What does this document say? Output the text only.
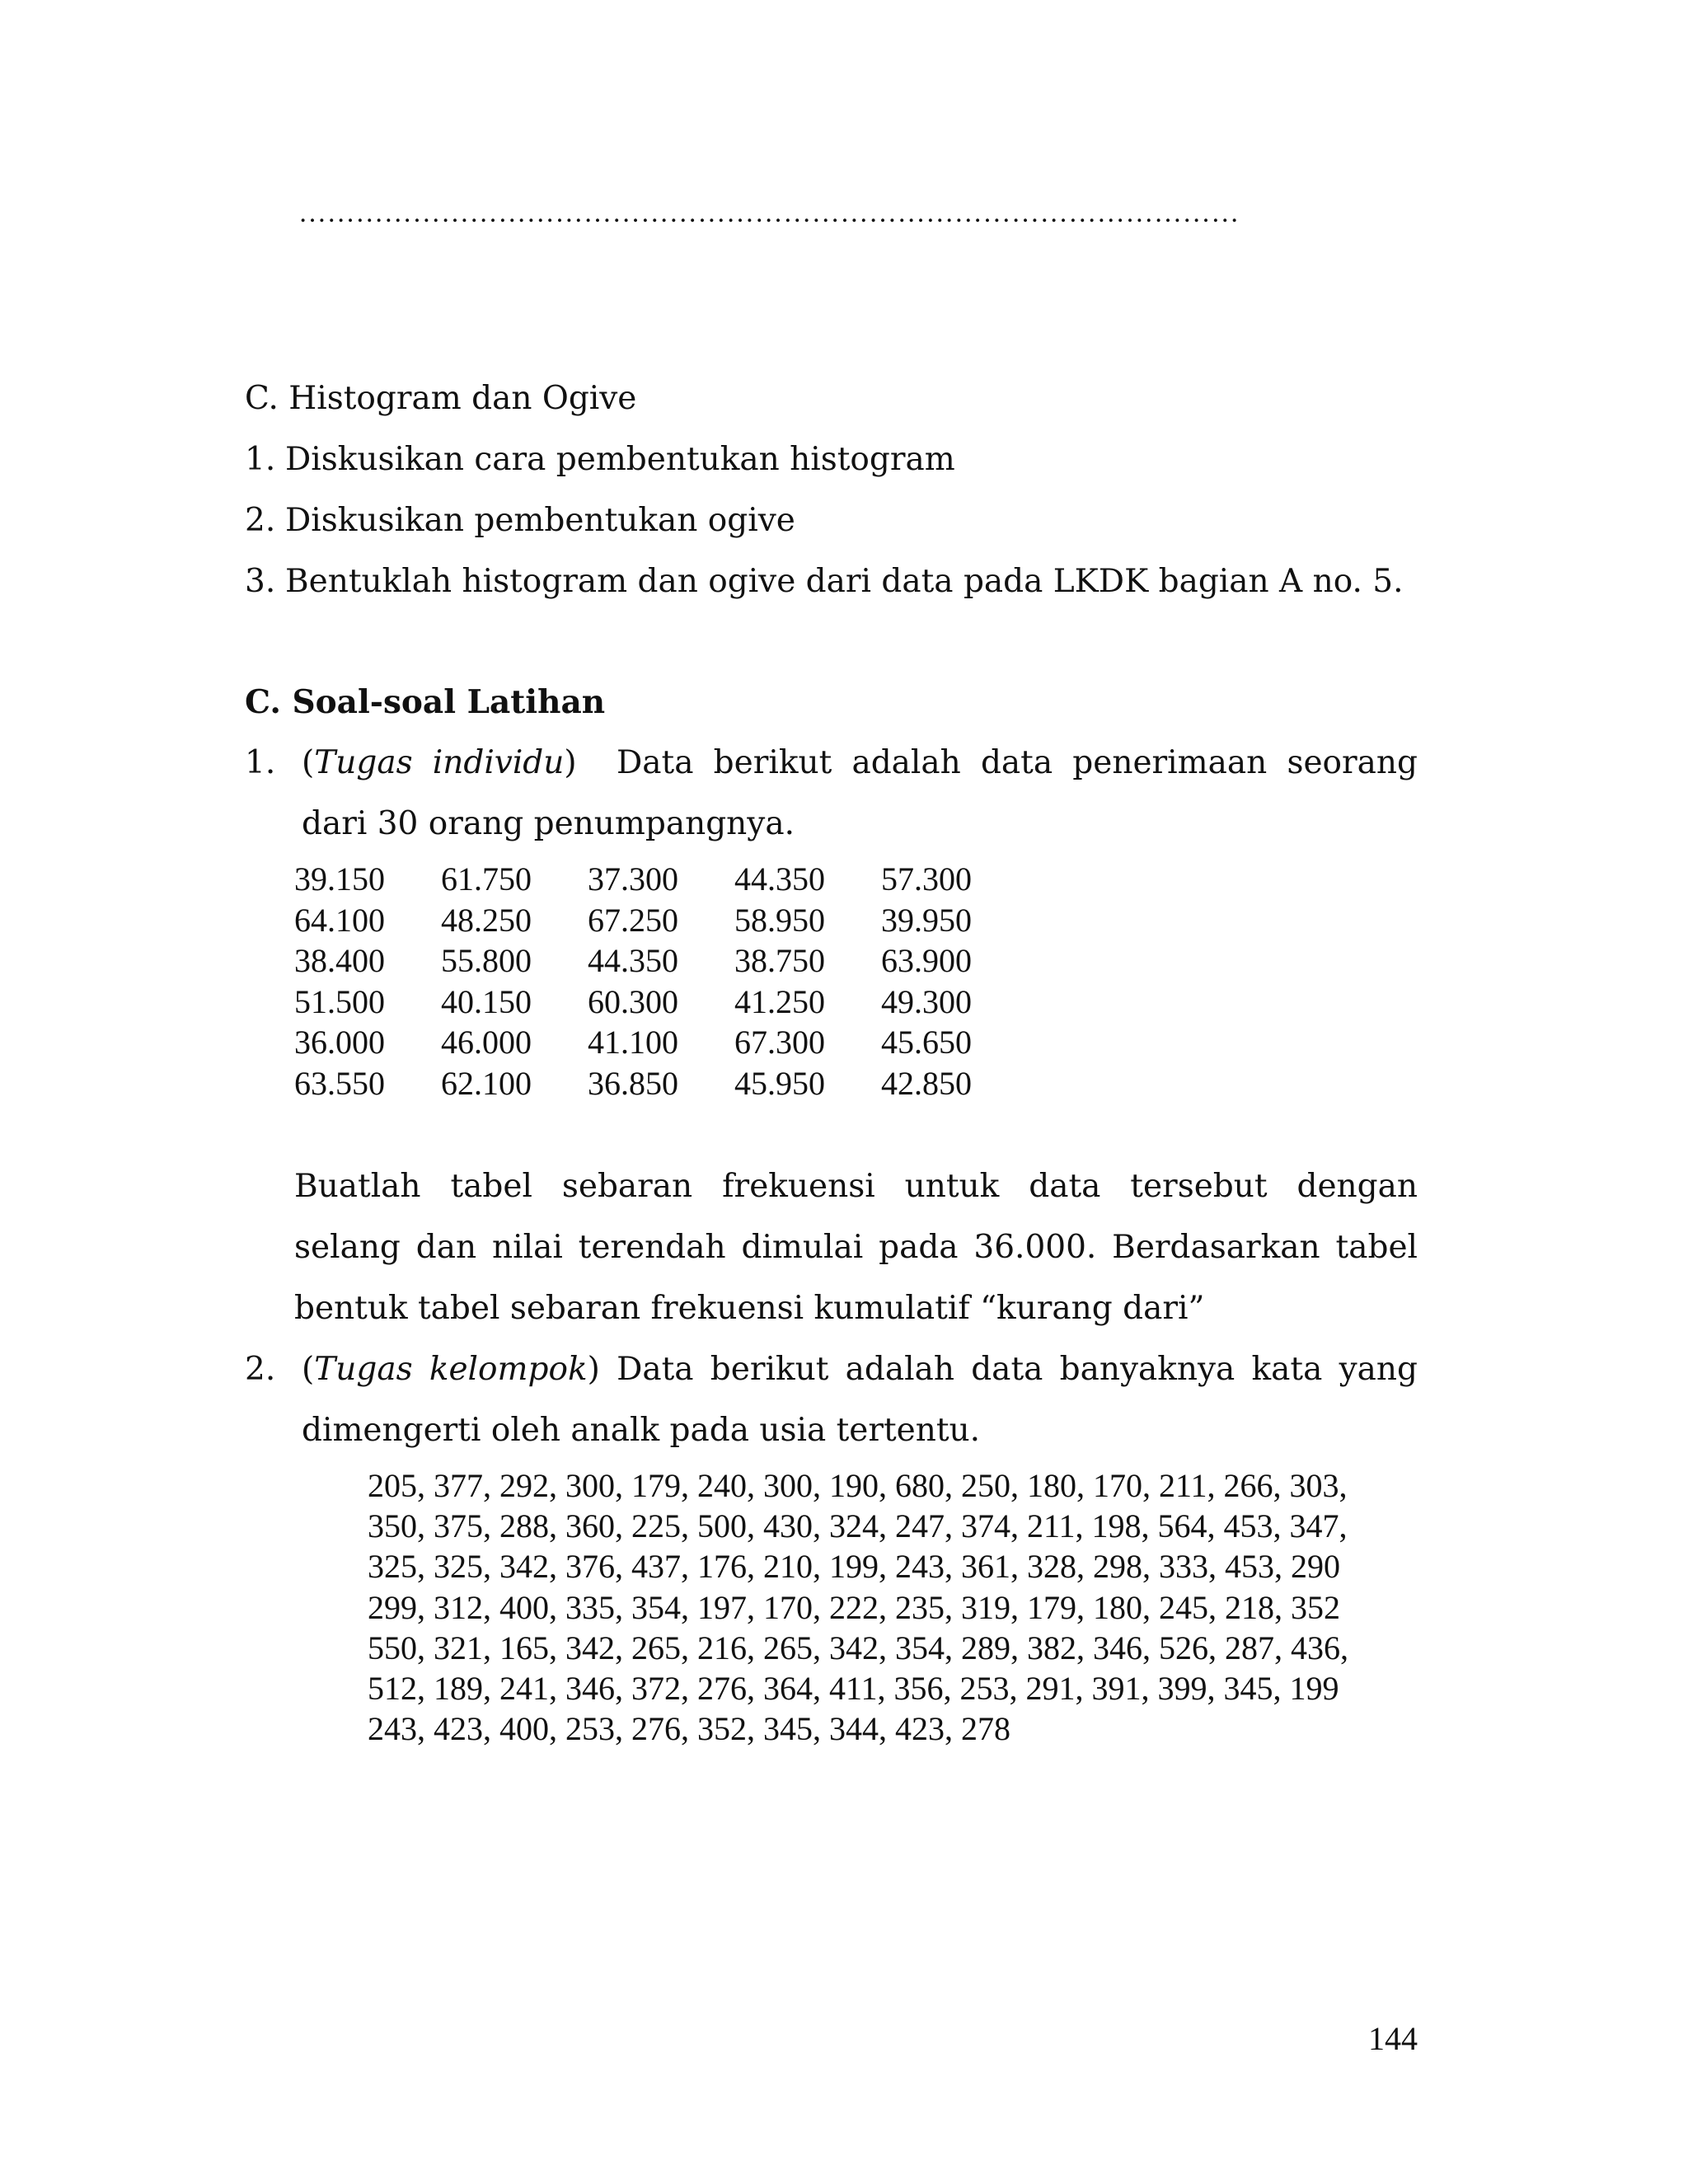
………………………………………………………………………………………
C. Histogram dan Ogive
1. Diskusikan cara pembentukan histogram
2. Diskusikan pembentukan ogive
3. Bentuklah histogram dan ogive dari data pada LKDK bagian A no. 5.
C. Soal-soal Latihan
1. (Tugas individu) Data berikut adalah data penerimaan seorang
dari 30 orang penumpangnya.
39.150 61.750 37.300 44.350 57.300
64.100 48.250 67.250 58.950 39.950
38.400 55.800 44.350 38.750 63.900
51.500 40.150 60.300 41.250 49.300
36.000 46.000 41.100 67.300 45.650
63.550 62.100 36.850 45.950 42.850
Buatlah tabel sebaran frekuensi untuk data tersebut dengan
selang dan nilai terendah dimulai pada 36.000. Berdasarkan tabel
bentuk tabel sebaran frekuensi kumulatif “kurang dari”
2. (Tugas kelompok) Data berikut adalah data banyaknya kata yang
dimengerti oleh analk pada usia tertentu.
205, 377, 292, 300, 179, 240, 300, 190, 680, 250, 180, 170, 211, 266, 303,
350, 375, 288, 360, 225, 500, 430, 324, 247, 374, 211, 198, 564, 453, 347,
325, 325, 342, 376, 437, 176, 210, 199, 243, 361, 328, 298, 333, 453, 290
299, 312, 400, 335, 354, 197, 170, 222, 235, 319, 179, 180, 245, 218, 352
550, 321, 165, 342, 265, 216, 265, 342, 354, 289, 382, 346, 526, 287, 436,
512, 189, 241, 346, 372, 276, 364, 411, 356, 253, 291, 391, 399, 345, 199
243, 423, 400, 253, 276, 352, 345, 344, 423, 278
144
